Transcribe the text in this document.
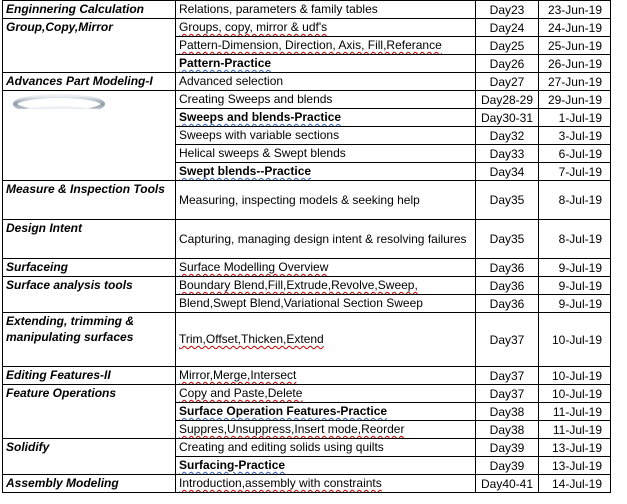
Enginnering Calculation	Relations, parameters & family tables	Day23	23-Jun-19
Group,Copy,Mirror	Groups, copy, mirror & udf's	Day24	24-Jun-19
	Pattern-Dimension, Direction, Axis, Fill,Referance	Day25	25-Jun-19
	Pattern-Practice	Day26	26-Jun-19
Advances Part Modeling-I	Advanced selection	Day27	27-Jun-19

	Creating Sweeps and blends	Day28-29	29-Jun-19
	Sweeps and blends-Practice	Day30-31	1-Jul-19
	Sweeps with variable sections	Day32	3-Jul-19
	Helical sweeps & Swept blends	Day33	6-Jul-19
	Swept blends--Practice	Day34	7-Jul-19
Measure & Inspection Tools	Measuring, inspecting models & seeking help	Day35	8-Jul-19
Design Intent	Capturing, managing design intent & resolving failures	Day35	8-Jul-19
Surfaceing	Surface Modelling Overview	Day36	9-Jul-19
Surface analysis tools	Boundary Blend,Fill,Extrude,Revolve,Sweep,	Day36	9-Jul-19
	Blend,Swept Blend,Variational Section Sweep	Day36	9-Jul-19
Extending, trimming & manipulating surfaces	Trim,Offset,Thicken,Extend	Day37	10-Jul-19
Editing Features-II	Mirror,Merge,Intersect	Day37	10-Jul-19
Feature Operations	Copy and Paste,Delete	Day37	10-Jul-19
	Surface Operation Features-Practice	Day38	11-Jul-19
	Suppres,Unsuppress,Insert mode,Reorder	Day38	11-Jul-19
Solidify	Creating and editing solids using quilts	Day39	13-Jul-19
	Surfacing-Practice	Day39	13-Jul-19
Assembly Modeling	Introduction,assembly with constraints	Day40-41	14-Jul-19
